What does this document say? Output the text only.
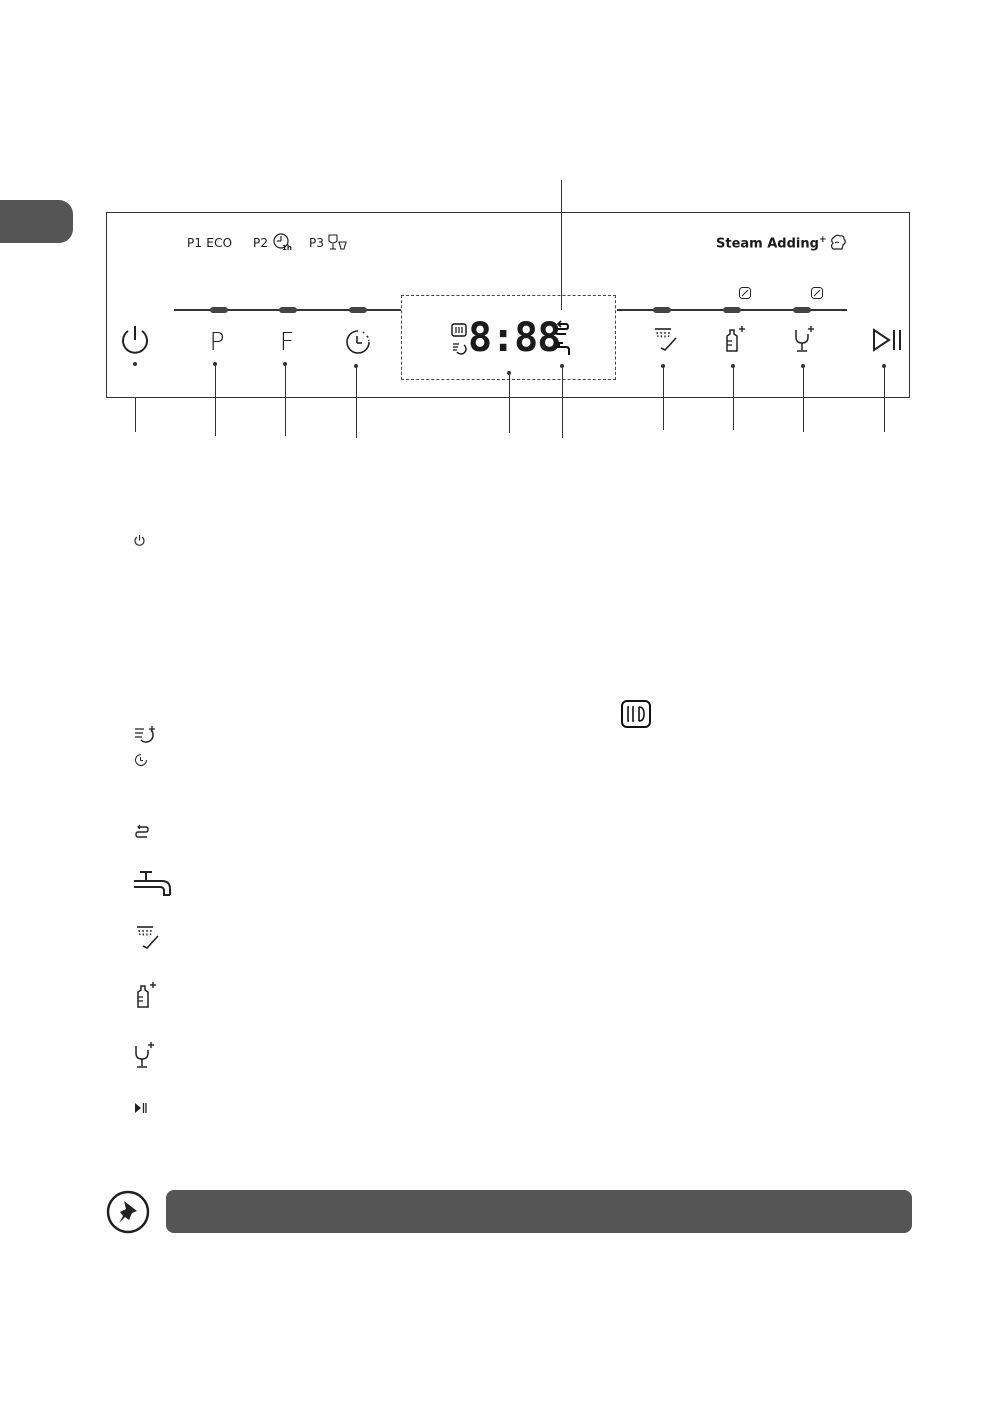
P1 ECO P2 1h P3	Steam Adding+
8:88
P F
